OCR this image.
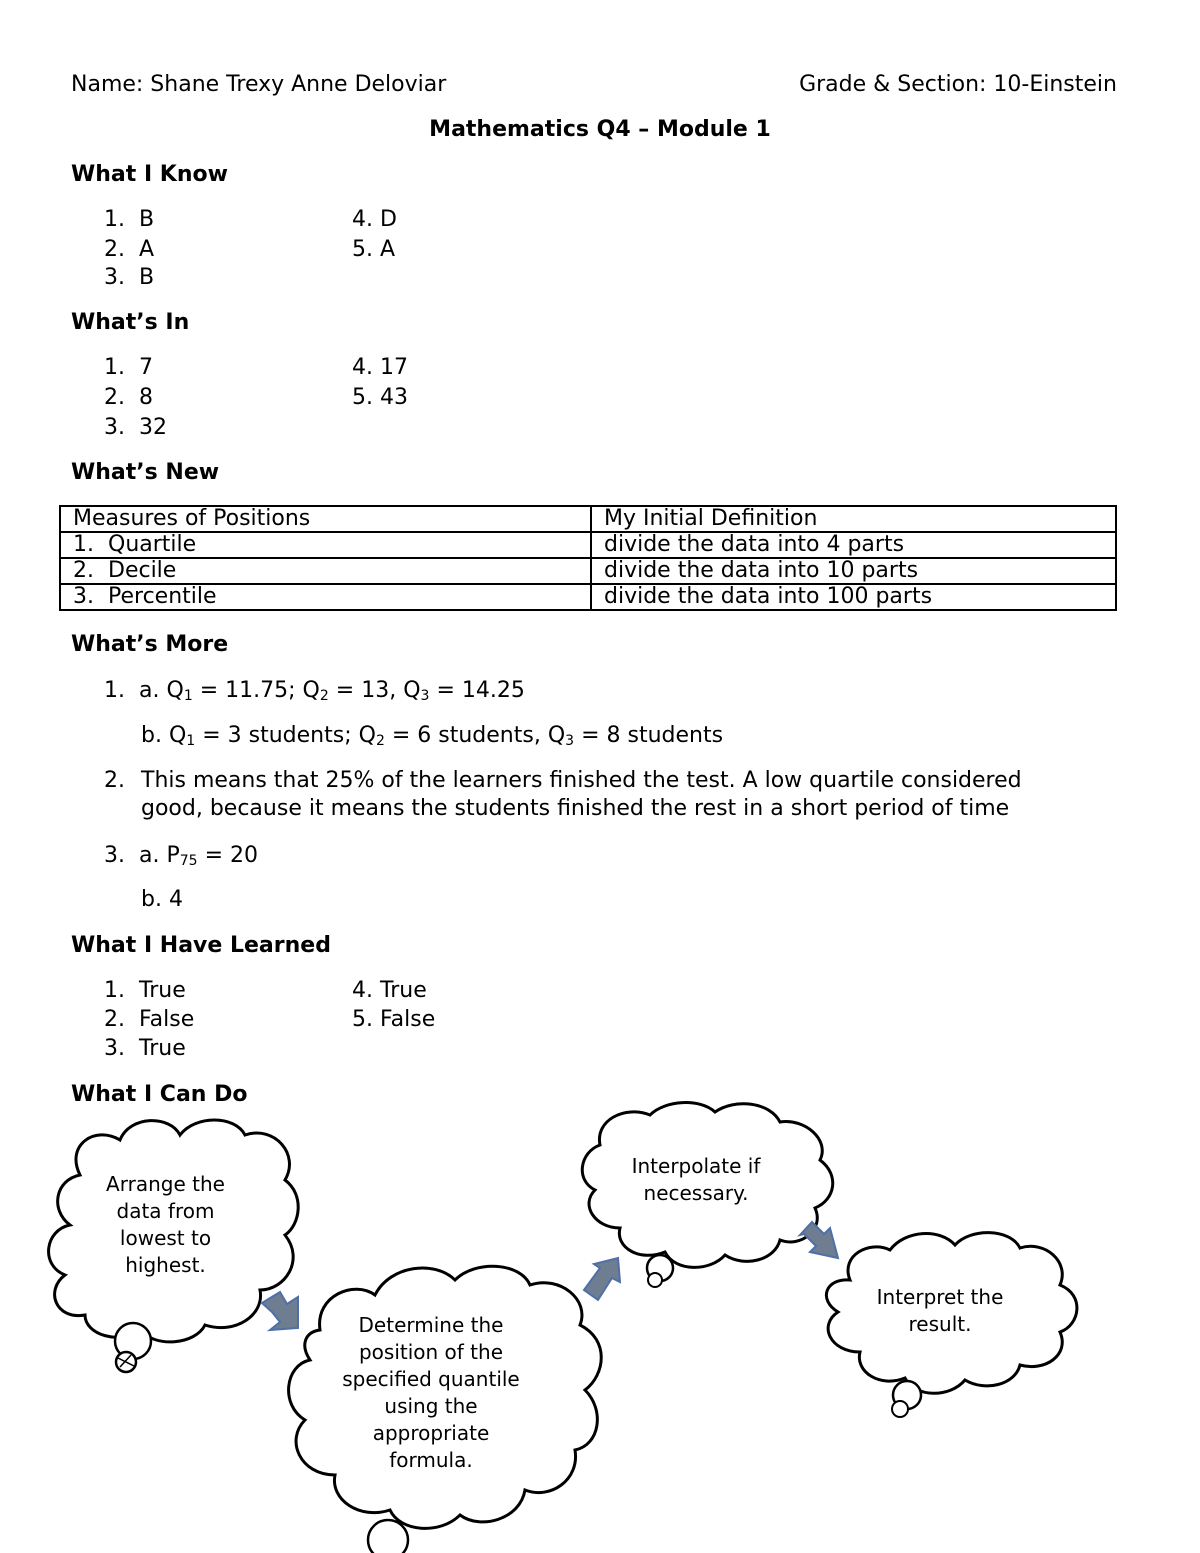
Name: Shane Trexy Anne Deloviar	Grade & Section: 10-Einstein
Mathematics Q4 – Module 1
What I Know
1. B
2. A
3. B
4. D
5. A
What’s In
1. 7
2. 8
3. 32
4. 17
5. 43
What’s New
Measures of Positions	My Initial Definition
1. Quartile	divide the data into 4 parts
2. Decile	divide the data into 10 parts
3. Percentile	divide the data into 100 parts
What’s More
1. a. $Q_1 = 11.75$; $Q_2 = 13$, $Q_3 = 14.25$
b. $Q_1 = 3$ students; $Q_2 = 6$ students, $Q_3 = 8$ students
2. This means that 25% of the learners finished the test. A low quartile considered
good, because it means the students finished the rest in a short period of time
3. a. $P_{75} = 20$
b. 4
What I Have Learned
1. True
2. False
3. True
4. True
5. False
What I Can Do
Arrange the data from lowest to highest.
Determine the position of the specified quantile using the appropriate formula.
Interpolate if necessary.
Interpret the result.
